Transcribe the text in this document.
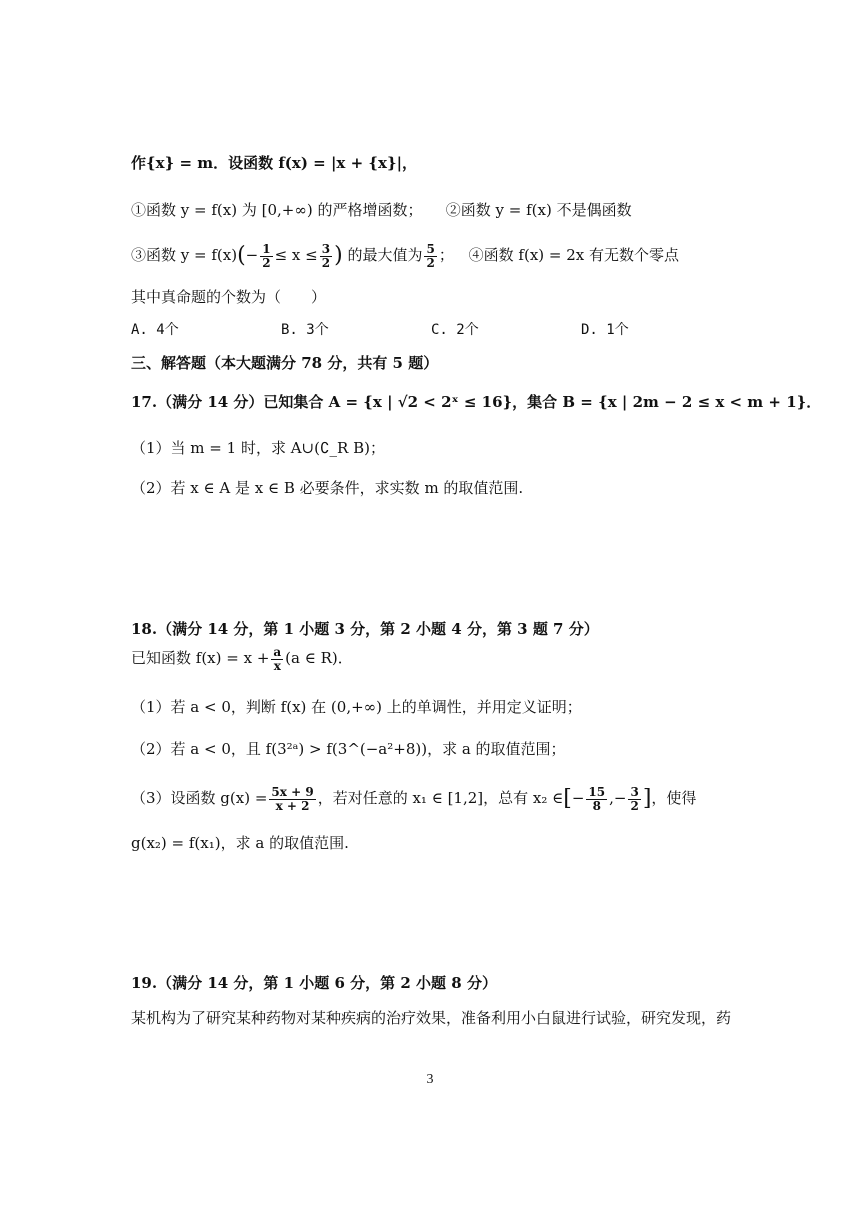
作{x} = m．设函数 f(x) = |x + {x}|，
①函数 y = f(x) 为 [0,+∞) 的严格增函数； ②函数 y = f(x) 不是偶函数
③函数 $y = f(x)(- \frac{1}{2} \le x \le \frac{3}{2}$ ) 的最大值为 $\frac{5}{2}$ ； ④函数 f(x) = 2x 有无数个零点
其中真命题的个数为（　　）
A. 4个	B. 3个	C. 2个	D. 1个
三、解答题（本大题满分 78 分，共有 5 题）
17.（满分 14 分）已知集合 A = {x | √2 < 2ˣ ≤ 16}，集合 B = {x | 2m − 2 ≤ x < m + 1}．
（1）当 m = 1 时，求 A∪(∁_R B)；
（2）若 x ∈ A 是 x ∈ B 必要条件，求实数 m 的取值范围.
18.（满分 14 分，第 1 小题 3 分，第 2 小题 4 分，第 3 题 7 分）
已知函数 $f(x) = x + \frac{a}{x} (a$ ∈ R)．
（1）若 a < 0，判断 f(x) 在 (0,+∞) 上的单调性，并用定义证明；
（2）若 a < 0，且 f(3²ᵃ) > f(3^(−a²+8))，求 a 的取值范围；
（3）设函数 $g(x) = \frac{5x + 9}{x + 2}$ ，若对任意的 x₁ ∈ [1,2]，总有 x₂ ∈[− $\frac{15}{8}$ ,− $\frac{3}{2}$ ]，使得
g(x₂) = f(x₁)，求 a 的取值范围.
19.（满分 14 分，第 1 小题 6 分，第 2 小题 8 分）
某机构为了研究某种药物对某种疾病的治疗效果，准备利用小白鼠进行试验，研究发现，药
3
